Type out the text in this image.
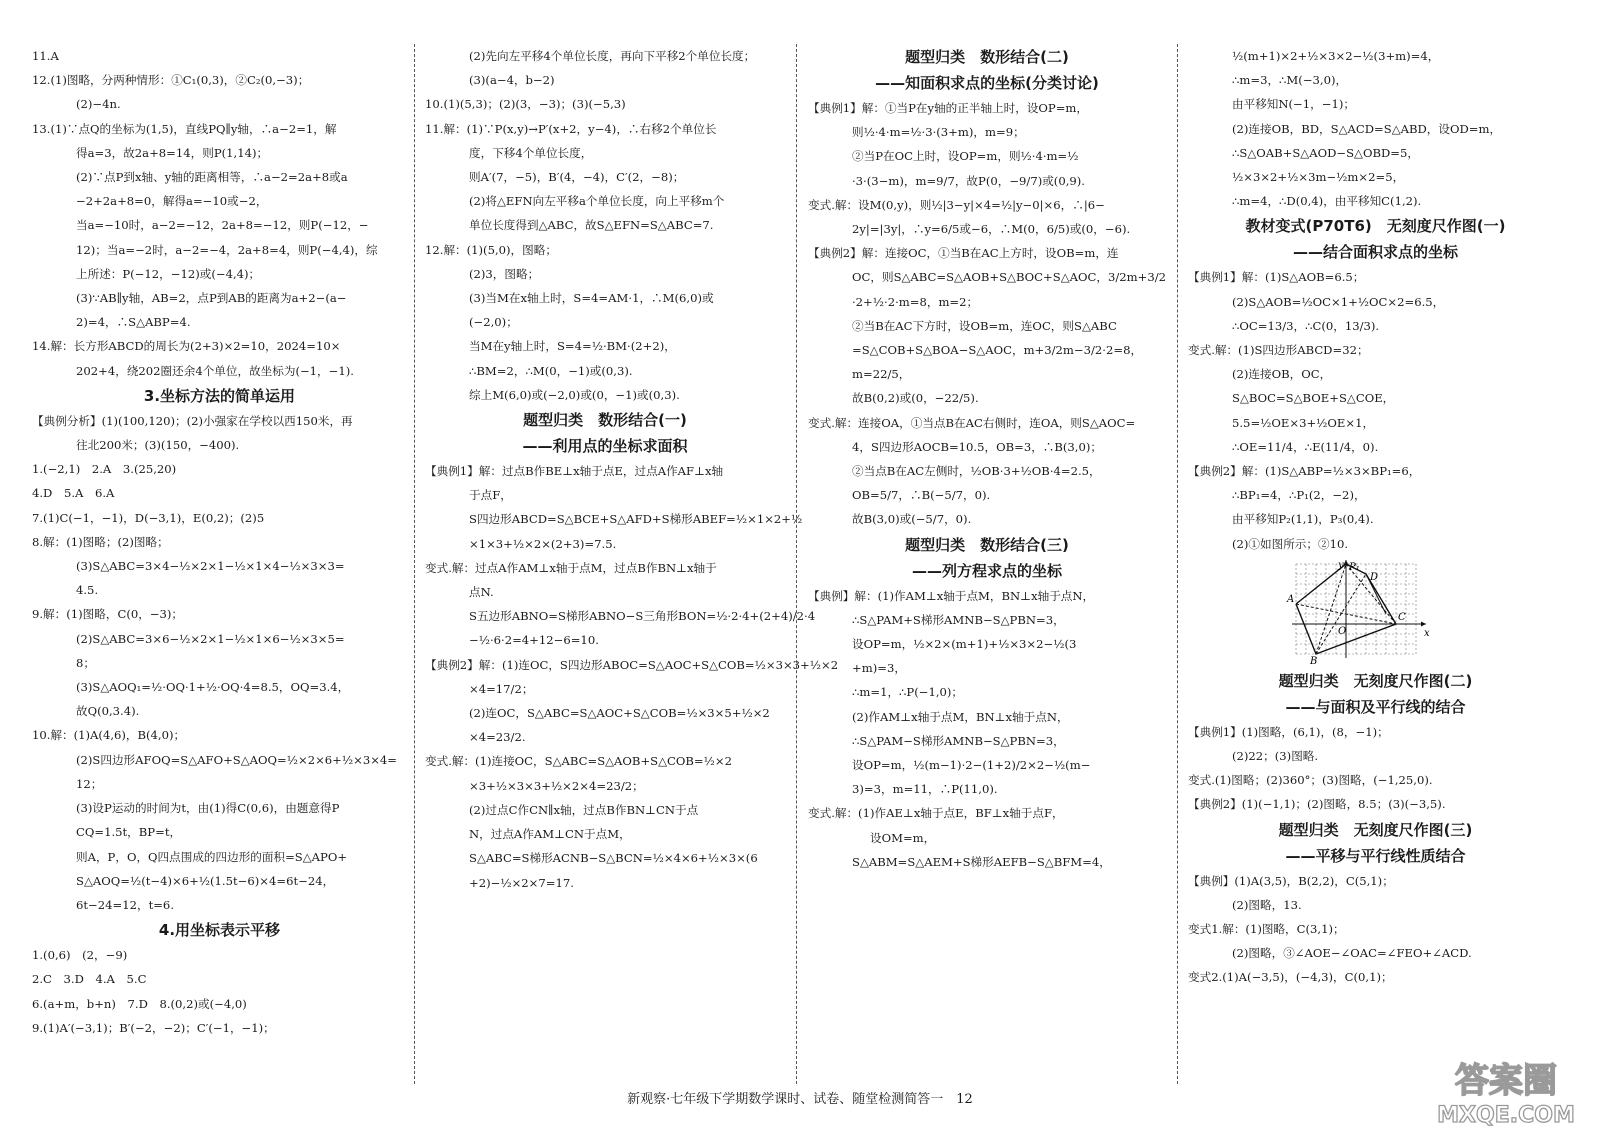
11.A
12.(1)图略，分两种情形：①C₁(0,3)，②C₂(0,−3)；
(2)−4n.
13.(1)∵点Q的坐标为(1,5)，直线PQ∥y轴，∴a−2=1，解
得a=3，故2a+8=14，则P(1,14)；
(2)∵点P到x轴、y轴的距离相等，∴a−2=2a+8或a
−2+2a+8=0，解得a=−10或−2，
当a=−10时，a−2=−12，2a+8=−12，则P(−12，−
12)；当a=−2时，a−2=−4，2a+8=4，则P(−4,4)，综
上所述：P(−12，−12)或(−4,4)；
(3)∵AB∥y轴，AB=2，点P到AB的距离为a+2−(a−
2)=4，∴S△ABP=4.
14.解：长方形ABCD的周长为(2+3)×2=10，2024=10×
202+4，绕202圈还余4个单位，故坐标为(−1，−1).
3.坐标方法的简单运用
【典例分析】(1)(100,120)；(2)小强家在学校以西150米，再
往北200米；(3)(150，−400).
1.(−2,1)　2.A　3.(25,20)
4.D　5.A　6.A
7.(1)C(−1，−1)，D(−3,1)，E(0,2)；(2)5
8.解：(1)图略；(2)图略；
(3)S△ABC=3×4−½×2×1−½×1×4−½×3×3=
4.5.
9.解：(1)图略，C(0，−3)；
(2)S△ABC=3×6−½×2×1−½×1×6−½×3×5=
8；
(3)S△AOQ₁=½·OQ·1+½·OQ·4=8.5，OQ=3.4，
故Q(0,3.4).
10.解：(1)A(4,6)，B(4,0)；
(2)S四边形AFOQ=S△AFO+S△AOQ=½×2×6+½×3×4=
12；
(3)设P运动的时间为t，由(1)得C(0,6)，由题意得P
CQ=1.5t，BP=t，
则A，P，O，Q四点围成的四边形的面积=S△APO+
S△AOQ=½(t−4)×6+½(1.5t−6)×4=6t−24，
6t−24=12，t=6.
4.用坐标表示平移
1.(0,6)　(2，−9)
2.C　3.D　4.A　5.C
6.(a+m，b+n)　7.D　8.(0,2)或(−4,0)
9.(1)A′(−3,1)；B′(−2，−2)；C′(−1，−1)；
(2)先向左平移4个单位长度，再向下平移2个单位长度；
(3)(a−4，b−2)
10.(1)(5,3)；(2)(3，−3)；(3)(−5,3)
11.解：(1)∵P(x,y)→P′(x+2，y−4)，∴右移2个单位长
度，下移4个单位长度，
则A′(7，−5)，B′(4，−4)，C′(2，−8)；
(2)将△EFN向左平移a个单位长度，向上平移m个
单位长度得到△ABC，故S△EFN=S△ABC=7.
12.解：(1)(5,0)，图略；
(2)3，图略；
(3)当M在x轴上时，S=4=AM·1，∴M(6,0)或
(−2,0)；
当M在y轴上时，S=4=½·BM·(2+2)，
∴BM=2，∴M(0，−1)或(0,3).
综上M(6,0)或(−2,0)或(0，−1)或(0,3).
题型归类　数形结合(一)
——利用点的坐标求面积
【典例1】解：过点B作BE⊥x轴于点E，过点A作AF⊥x轴
于点F，
S四边形ABCD=S△BCE+S△AFD+S梯形ABEF=½×1×2+½
×1×3+½×2×(2+3)=7.5.
变式.解：过点A作AM⊥x轴于点M，过点B作BN⊥x轴于
点N.
S五边形ABNO=S梯形ABNO−S三角形BON=½·2·4+(2+4)/2·4
−½·6·2=4+12−6=10.
【典例2】解：(1)连OC，S四边形ABOC=S△AOC+S△COB=½×3×3+½×2
×4=17/2；
(2)连OC，S△ABC=S△AOC+S△COB=½×3×5+½×2
×4=23/2.
变式.解：(1)连接OC，S△ABC=S△AOB+S△COB=½×2
×3+½×3×3+½×2×4=23/2；
(2)过点C作CN∥x轴，过点B作BN⊥CN于点
N，过点A作AM⊥CN于点M，
S△ABC=S梯形ACNB−S△BCN=½×4×6+½×3×(6
+2)−½×2×7=17.
题型归类　数形结合(二)
——知面积求点的坐标(分类讨论)
【典例1】解：①当P在y轴的正半轴上时，设OP=m，
则½·4·m=½·3·(3+m)，m=9；
②当P在OC上时，设OP=m，则½·4·m=½
·3·(3−m)，m=9/7，故P(0，−9/7)或(0,9).
变式.解：设M(0,y)，则½|3−y|×4=½|y−0|×6，∴|6−
2y|=|3y|，∴y=6/5或−6，∴M(0，6/5)或(0，−6).
【典例2】解：连接OC，①当B在AC上方时，设OB=m，连
OC，则S△ABC=S△AOB+S△BOC+S△AOC，3/2m+3/2
·2+½·2·m=8，m=2；
②当B在AC下方时，设OB=m，连OC，则S△ABC
=S△COB+S△BOA−S△AOC，m+3/2m−3/2·2=8，
m=22/5，
故B(0,2)或(0，−22/5).
变式.解：连接OA，①当点B在AC右侧时，连OA，则S△AOC=
4，S四边形AOCB=10.5，OB=3，∴B(3,0)；
②当点B在AC左侧时，½OB·3+½OB·4=2.5，
OB=5/7，∴B(−5/7，0).
故B(3,0)或(−5/7，0).
题型归类　数形结合(三)
——列方程求点的坐标
【典例】解：(1)作AM⊥x轴于点M，BN⊥x轴于点N，
∴S△PAM+S梯形AMNB−S△PBN=3，
设OP=m，½×2×(m+1)+½×3×2−½(3
+m)=3，
∴m=1，∴P(−1,0)；
(2)作AM⊥x轴于点M，BN⊥x轴于点N，
∴S△PAM−S梯形AMNB−S△PBN=3，
设OP=m，½(m−1)·2−(1+2)/2×2−½(m−
3)=3，m=11，∴P(11,0).
变式.解：(1)作AE⊥x轴于点E，BF⊥x轴于点F，
设OM=m，
S△ABM=S△AEM+S梯形AEFB−S△BFM=4，
½(m+1)×2+½×3×2−½(3+m)=4，
∴m=3，∴M(−3,0)，
由平移知N(−1，−1)；
(2)连接OB，BD，S△ACD=S△ABD，设OD=m，
∴S△OAB+S△AOD−S△OBD=5，
½×3×2+½×3m−½m×2=5，
∴m=4，∴D(0,4)，由平移知C(1,2).
教材变式(P70T6)　无刻度尺作图(一)
——结合面积求点的坐标
【典例1】解：(1)S△AOB=6.5；
(2)S△AOB=½OC×1+½OC×2=6.5，
∴OC=13/3，∴C(0，13/3).
变式.解：(1)S四边形ABCD=32；
(2)连接OB，OC，
S△BOC=S△BOE+S△COE，
5.5=½OE×3+½OE×1，
∴OE=11/4，∴E(11/4，0).
【典例2】解：(1)S△ABP=½×3×BP₁=6，
∴BP₁=4，∴P₁(2，−2)，
由平移知P₂(1,1)，P₃(0,4).
(2)①如图所示；②10.
y P₁
D
A
C
B
O	x
题型归类　无刻度尺作图(二)
——与面积及平行线的结合
【典例1】(1)图略，(6,1)，(8，−1)；
(2)22；(3)图略.
变式.(1)图略；(2)360°；(3)图略，(−1,25,0).
【典例2】(1)(−1,1)；(2)图略，8.5；(3)(−3,5).
题型归类　无刻度尺作图(三)
——平移与平行线性质结合
【典例】(1)A(3,5)，B(2,2)，C(5,1)；
(2)图略，13.
变式1.解：(1)图略，C(3,1)；
(2)图略，③∠AOE−∠OAC=∠FEO+∠ACD.
变式2.(1)A(−3,5)，(−4,3)，C(0,1)；
新观察·七年级下学期数学课时、试卷、随堂检测简答一　12	答案圈
MXQE.COM
